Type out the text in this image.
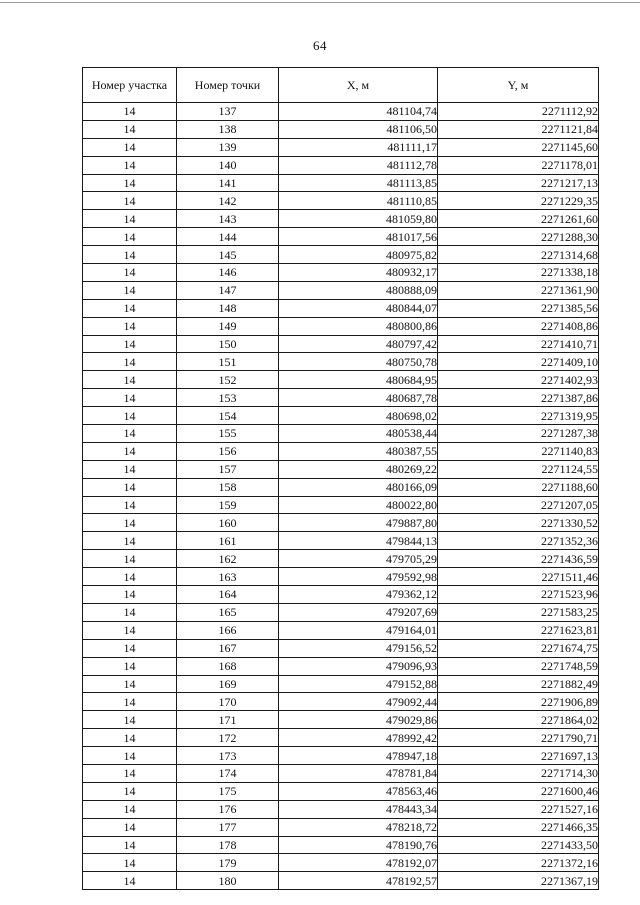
64
Номер участка	Номер точки	X, м	Y, м
14	137	481104,74	2271112,92
14	138	481106,50	2271121,84
14	139	481111,17	2271145,60
14	140	481112,78	2271178,01
14	141	481113,85	2271217,13
14	142	481110,85	2271229,35
14	143	481059,80	2271261,60
14	144	481017,56	2271288,30
14	145	480975,82	2271314,68
14	146	480932,17	2271338,18
14	147	480888,09	2271361,90
14	148	480844,07	2271385,56
14	149	480800,86	2271408,86
14	150	480797,42	2271410,71
14	151	480750,78	2271409,10
14	152	480684,95	2271402,93
14	153	480687,78	2271387,86
14	154	480698,02	2271319,95
14	155	480538,44	2271287,38
14	156	480387,55	2271140,83
14	157	480269,22	2271124,55
14	158	480166,09	2271188,60
14	159	480022,80	2271207,05
14	160	479887,80	2271330,52
14	161	479844,13	2271352,36
14	162	479705,29	2271436,59
14	163	479592,98	2271511,46
14	164	479362,12	2271523,96
14	165	479207,69	2271583,25
14	166	479164,01	2271623,81
14	167	479156,52	2271674,75
14	168	479096,93	2271748,59
14	169	479152,88	2271882,49
14	170	479092,44	2271906,89
14	171	479029,86	2271864,02
14	172	478992,42	2271790,71
14	173	478947,18	2271697,13
14	174	478781,84	2271714,30
14	175	478563,46	2271600,46
14	176	478443,34	2271527,16
14	177	478218,72	2271466,35
14	178	478190,76	2271433,50
14	179	478192,07	2271372,16
14	180	478192,57	2271367,19
